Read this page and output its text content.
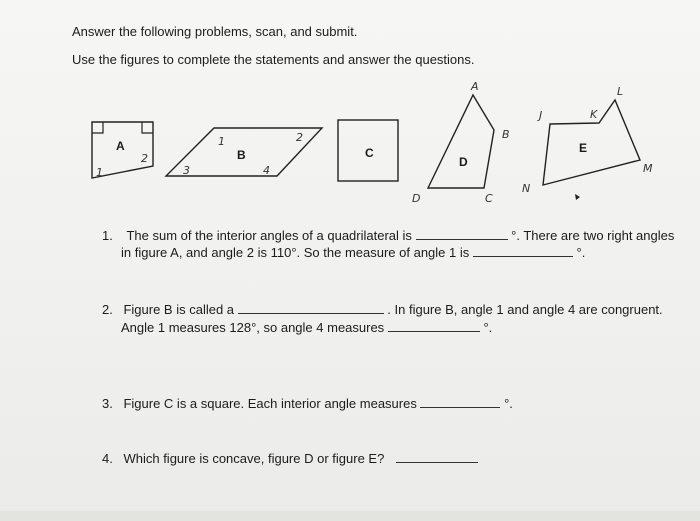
Answer the following problems, scan, and submit.
Use the figures to complete the statements and answer the questions.
A
1
2	B
1	2
3	4
C
D
A
B
C
D
E
J	K
L
M
N
1. The sum of the interior angles of a quadrilateral is	°. There are two right angles
in figure A, and angle 2 is 110°. So the measure of angle 1 is	°.
2. Figure B is called a	. In figure B, angle 1 and angle 4 are congruent.
Angle 1 measures 128°, so angle 4 measures	°.
3. Figure C is a square. Each interior angle measures	°.
4. Which figure is concave, figure D or figure E?
